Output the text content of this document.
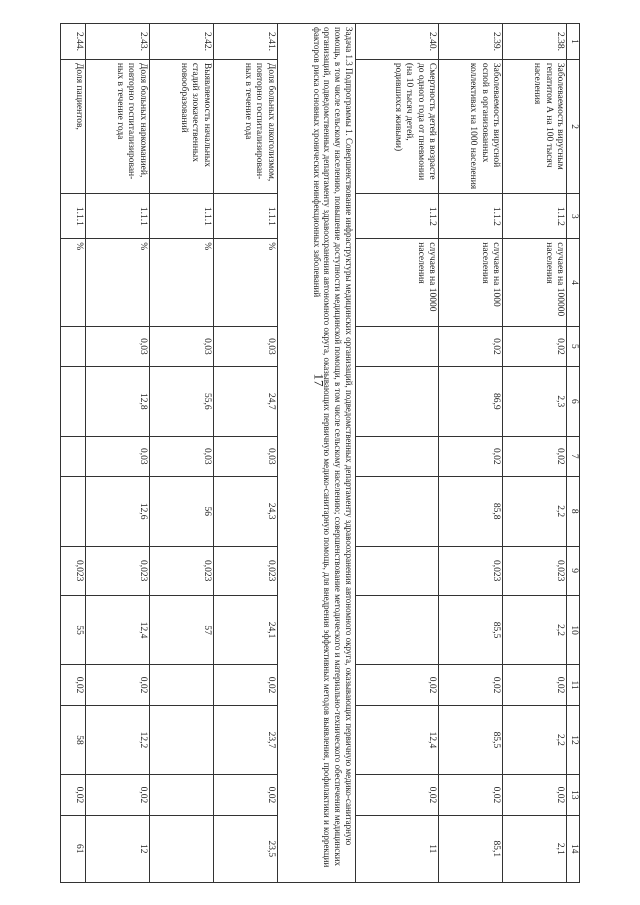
17
1	2	3	4	5	6	7	8	9	10	11	12	13	14
2.38.	Заболеваемость вирусным гепатитом А на 100 тысяч населения	1.1.2	случаев на 100000 населения	0,02	2,3	0,02	2,2	0,023	2,2	0,02	2,2	0,02	2,1
2.39.	Заболеваемость вирусной оспой в организованных коллективах на 1000 населения	1.1.2	случаев на 1000 населения	0,02	86,9	0,02	85,8	0,023	85,5	0,02	85,5	0,02	85,1
2.40.	Смертность детей в возрасте до одного года от пневмонии (на 10 тысяч детей, родившихся живыми)	1.1.2	случаев на 10000 населения							0,02	12,4	0,02	11
Задача 1.3 Подпрограммы 1. Совершенствование инфраструктуры медицинских организаций, подведомственных департаменту здравоохранения автономного округа, оказывающих первичную медико-санитарную помощь, в том числе сельскому населению, повышение доступности медицинской помощи, в том числе сельскому населению; совершенствование методического и материально-технического обеспечения медицинских организаций, подведомственных департаменту здравоохранения автономного округа, оказывающих первичную медико-санитарную помощь, для внедрения эффективных методов выявления, профилактики и коррекции факторов риска основных хронических неинфекционных заболеваний													
2.41.	Доля больных алкоголизмом, повторно госпитализирован-ных в течение года	1.1.1	%	0,03	24,7	0,03	24,3	0,023	24,1	0,02	23,7	0,02	23,5
2.42.	Выявляемость начальных стадий злокачественных новообразований	1.1.1	%	0,03	55,6	0,03	56	0,023	57				
2.43.	Доля больных наркоманией, повторно госпитализирован-ных в течение года	1.1.1	%	0,03	12,8	0,03	12,6	0,023	12,4	0,02	12,2	0,02	12
2.44.	Доля пациентов,	1.1.1	%					0,023	55	0,02	58	0,02	61
